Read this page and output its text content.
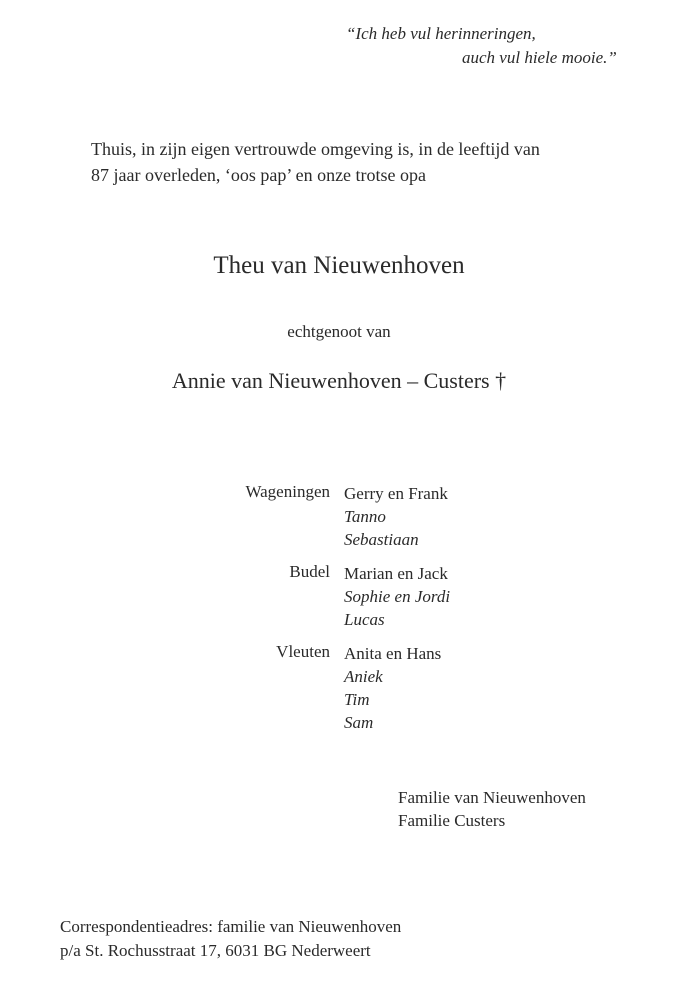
“Ich heb vul herinneringen,
auch vul hiele mooie.”
Thuis, in zijn eigen vertrouwde omgeving is, in de leeftijd van
87 jaar overleden, ‘oos pap’ en onze trotse opa
Theu van Nieuwenhoven
echtgenoot van
Annie van Nieuwenhoven – Custers †
Wageningen Gerry en Frank
Tanno
Sebastiaan
Budel Marian en Jack
Sophie en Jordi
Lucas
Vleuten Anita en Hans
Aniek
Tim
Sam
Familie van Nieuwenhoven
Familie Custers
Correspondentieadres: familie van Nieuwenhoven
p/a St. Rochusstraat 17, 6031 BG Nederweert
